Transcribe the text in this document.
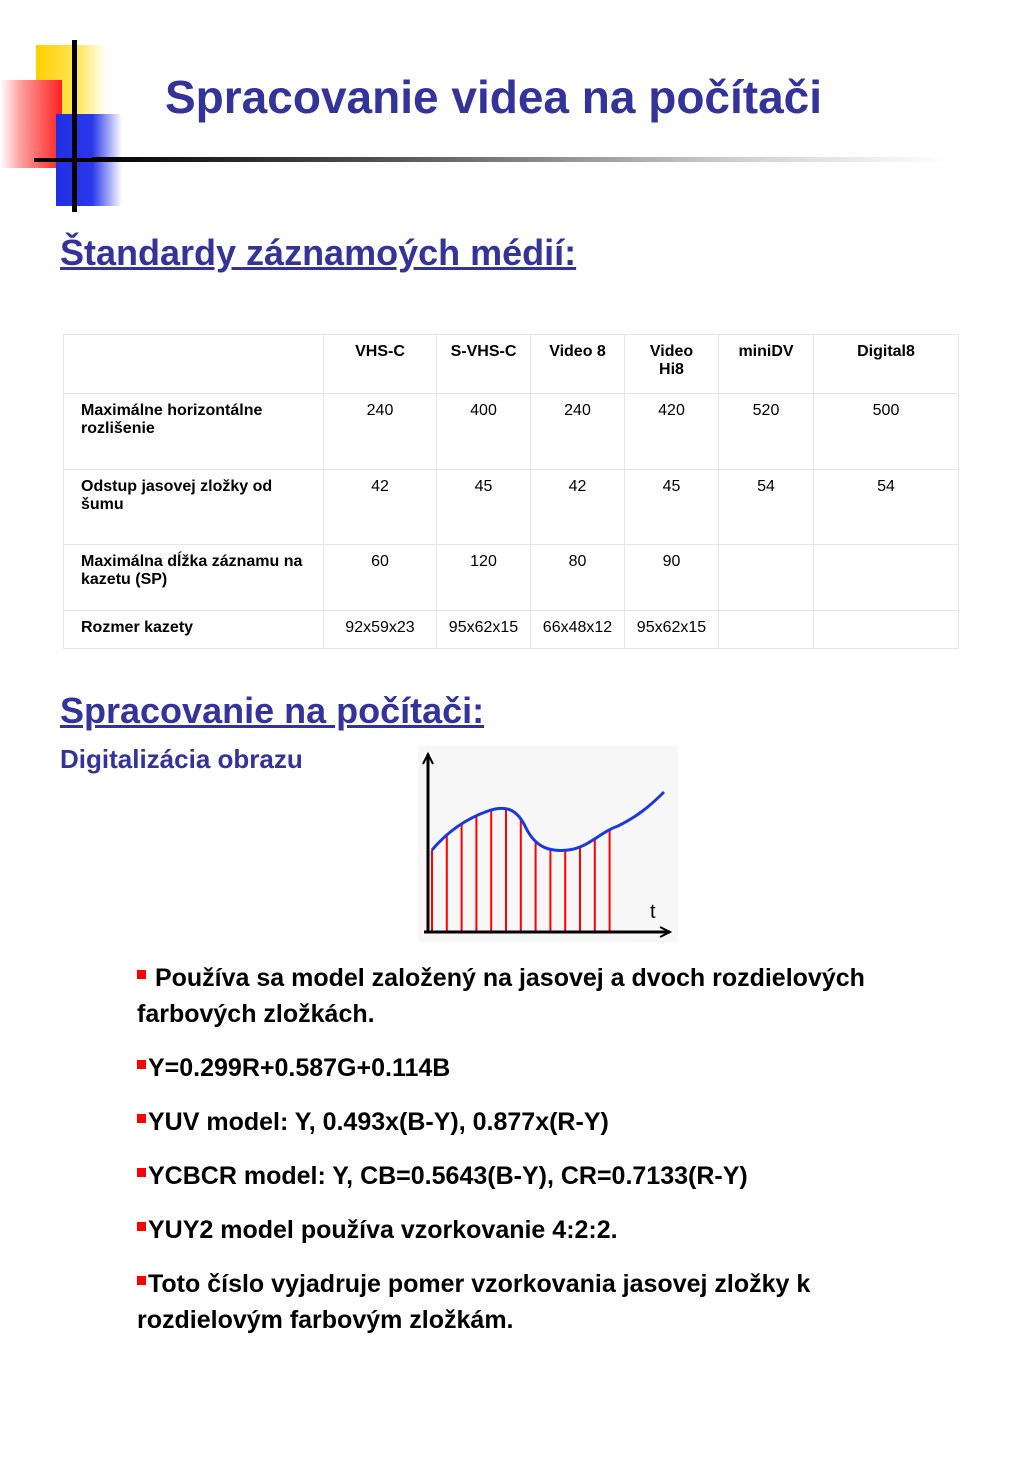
Spracovanie videa na počítači
Štandardy záznamoých médií:
	VHS-C	S-VHS-C	Video 8	Video Hi8	miniDV	Digital8
Maximálne horizontálne rozlišenie	240	400	240	420	520	500
Odstup jasovej zložky od šumu	42	45	42	45	54	54
Maximálna dĺžka záznamu na kazetu (SP)	60	120	80	90		
Rozmer kazety	92x59x23	95x62x15	66x48x12	95x62x15		
Spracovanie na počítači:
Digitalizácia obrazu
t
Používa sa model založený na jasovej a dvoch rozdielových farbových zložkách.
Y=0.299R+0.587G+0.114B
YUV model: Y, 0.493x(B-Y), 0.877x(R-Y)
YCBCR model: Y, CB=0.5643(B-Y), CR=0.7133(R-Y)
YUY2 model používa vzorkovanie 4:2:2.
Toto číslo vyjadruje pomer vzorkovania jasovej zložky k rozdielovým farbovým zložkám.
